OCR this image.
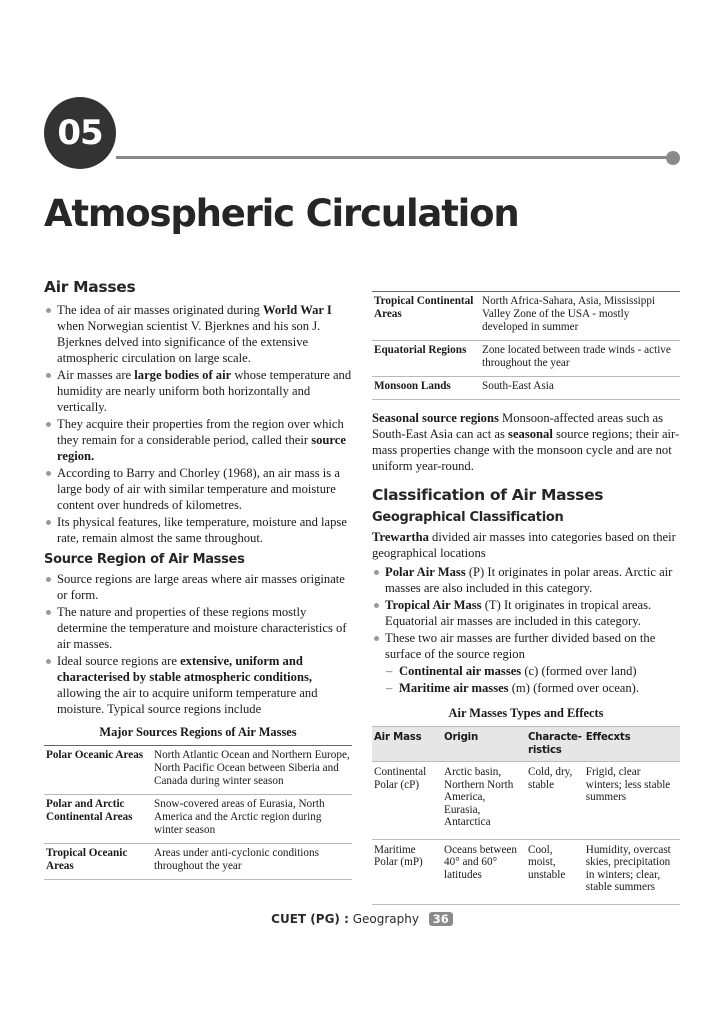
05
Atmospheric Circulation
Air Masses
The idea of air masses originated during World War I when Norwegian scientist V. Bjerknes and his son J. Bjerknes delved into significance of the extensive atmospheric circulation on large scale.
Air masses are large bodies of air whose temperature and humidity are nearly uniform both horizontally and vertically.
They acquire their properties from the region over which they remain for a considerable period, called their source region.
According to Barry and Chorley (1968), an air mass is a large body of air with similar temperature and moisture content over hundreds of kilometres.
Its physical features, like temperature, moisture and lapse rate, remain almost the same throughout.
Source Region of Air Masses
Source regions are large areas where air masses originate or form.
The nature and properties of these regions mostly determine the temperature and moisture characteristics of air masses.
Ideal source regions are extensive, uniform and characterised by stable atmospheric conditions, allowing the air to acquire uniform temperature and moisture. Typical source regions include
Major Sources Regions of Air Masses
Polar Oceanic Areas	North Atlantic Ocean and Northern Europe, North Pacific Ocean between Siberia and Canada during winter season
Polar and Arctic Continental Areas	Snow-covered areas of Eurasia, North America and the Arctic region during winter season
Tropical Oceanic Areas	Areas under anti-cyclonic conditions throughout the year
Tropical Continental Areas	North Africa-Sahara, Asia, Mississippi Valley Zone of the USA - mostly developed in summer
Equatorial Regions	Zone located between trade winds - active throughout the year
Monsoon Lands	South-East Asia

Seasonal source regions Monsoon-affected areas such as South-East Asia can act as seasonal source regions; their air-mass properties change with the monsoon cycle and are not uniform year-round.

Classification of Air Masses
Geographical Classification

Trewartha divided air masses into categories based on their geographical locations

Polar Air Mass (P) It originates in polar areas. Arctic air masses are also included in this category.
Tropical Air Mass (T) It originates in tropical areas. Equatorial air masses are included in this category.
These two air masses are further divided based on the surface of the source region
– Continental air masses (c) (formed over land)
– Maritime air masses (m) (formed over ocean).
Air Masses Types and Effects
Air Mass	Origin	Characte-ristics	Effecxts
Continental Polar (cP)	Arctic basin, Northern North America, Eurasia, Antarctica	Cold, dry, stable	Frigid, clear winters; less stable summers
Maritime Polar (mP)	Oceans between 40° and 60° latitudes	Cool, moist, unstable	Humidity, overcast skies, precipitation in winters; clear, stable summers
CUET (PG) : Geography 36
